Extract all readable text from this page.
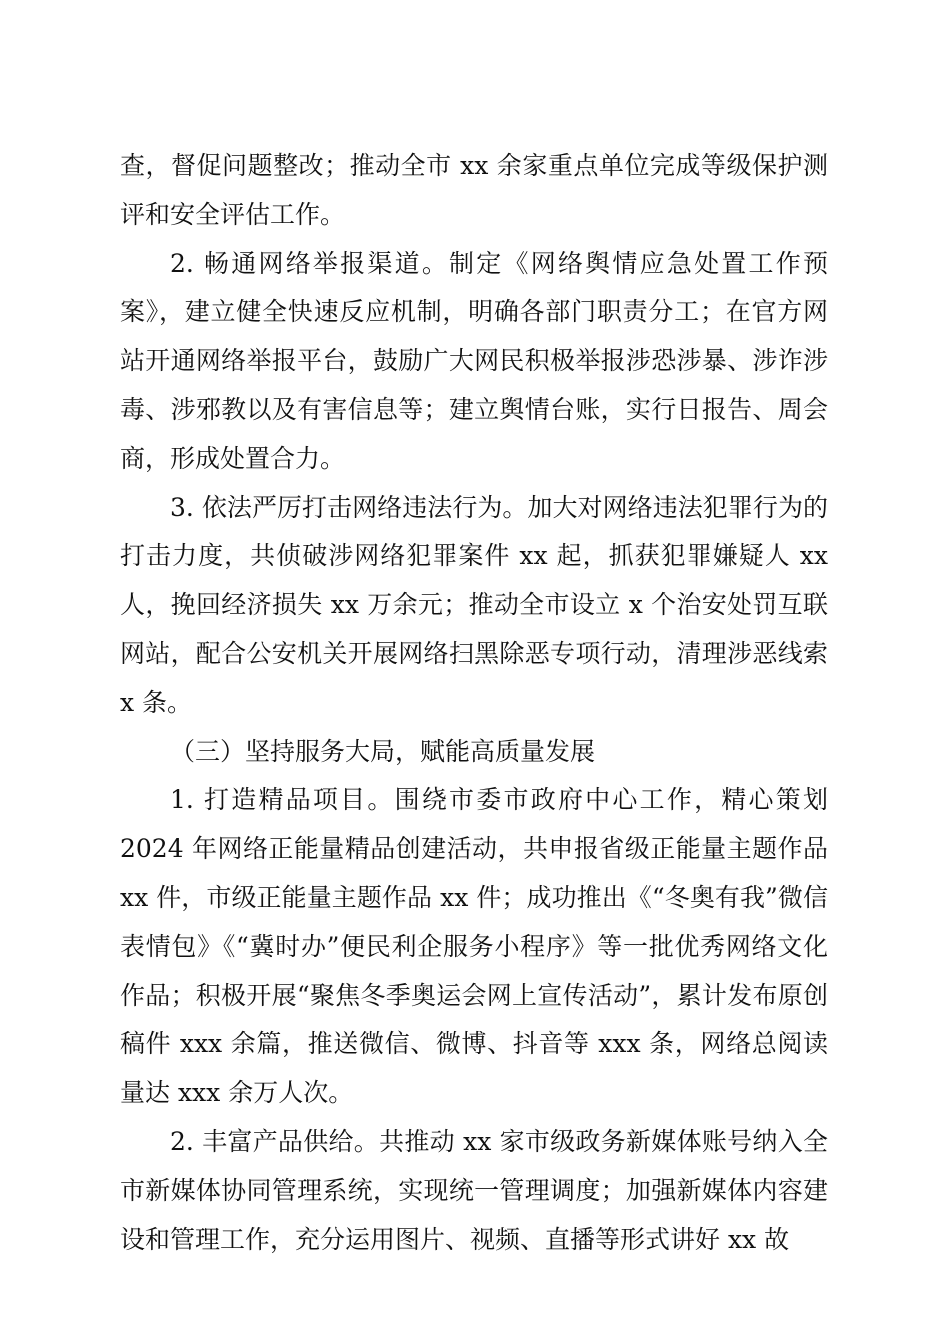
查，督促问题整改；推动全市 xx 余家重点单位完成等级保护测评和安全评估工作。

2. 畅通网络举报渠道。制定《网络舆情应急处置工作预案》，建立健全快速反应机制，明确各部门职责分工；在官方网站开通网络举报平台，鼓励广大网民积极举报涉恐涉暴、涉诈涉毒、涉邪教以及有害信息等；建立舆情台账，实行日报告、周会商，形成处置合力。

3. 依法严厉打击网络违法行为。加大对网络违法犯罪行为的打击力度，共侦破涉网络犯罪案件 xx 起，抓获犯罪嫌疑人 xx 人，挽回经济损失 xx 万余元；推动全市设立 x 个治安处罚互联网站，配合公安机关开展网络扫黑除恶专项行动，清理涉恶线索 x 条。

（三）坚持服务大局，赋能高质量发展

1. 打造精品项目。围绕市委市政府中心工作，精心策划 2024 年网络正能量精品创建活动，共申报省级正能量主题作品 xx 件，市级正能量主题作品 xx 件；成功推出《“冬奥有我”微信表情包》《“冀时办”便民利企服务小程序》等一批优秀网络文化作品；积极开展“聚焦冬季奥运会网上宣传活动”，累计发布原创稿件 xxx 余篇，推送微信、微博、抖音等 xxx 条，网络总阅读量达 xxx 余万人次。

2. 丰富产品供给。共推动 xx 家市级政务新媒体账号纳入全市新媒体协同管理系统，实现统一管理调度；加强新媒体内容建设和管理工作，充分运用图片、视频、直播等形式讲好 xx 故
